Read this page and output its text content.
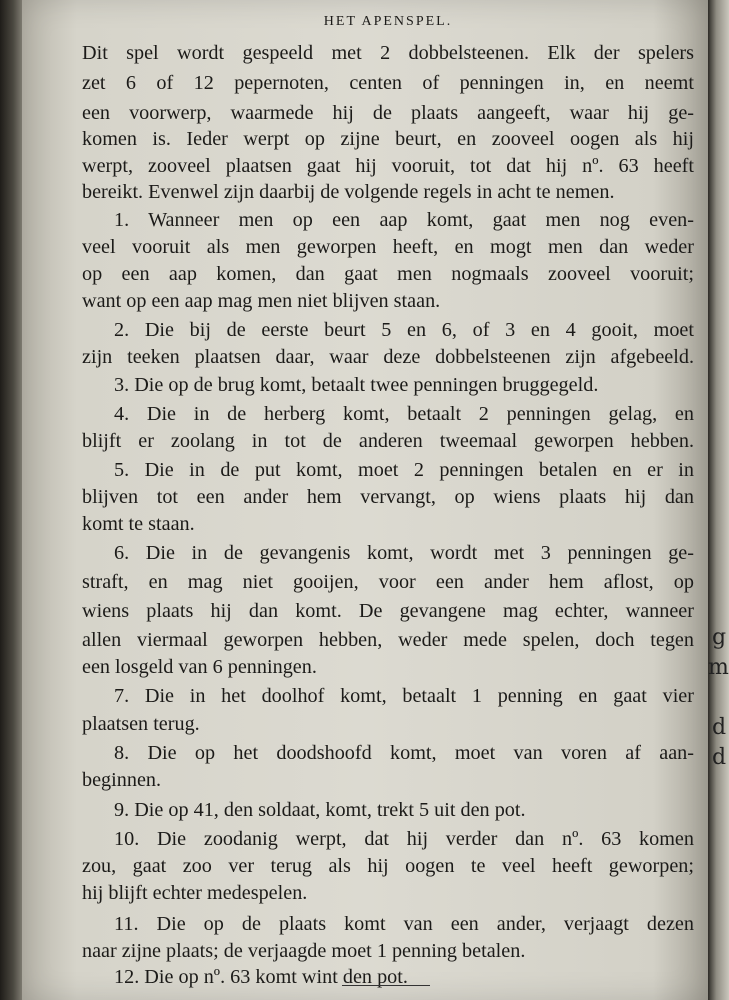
g
m
d
d
HET APENSPEL.
Dit spel wordt gespeeld met 2 dobbelsteenen. Elk der spelers
zet 6 of 12 pepernoten, centen of penningen in, en neemt
een voorwerp, waarmede hij de plaats aangeeft, waar hij ge-
komen is. Ieder werpt op zijne beurt, en zooveel oogen als hij
werpt, zooveel plaatsen gaat hij vooruit, tot dat hij nº. 63 heeft
bereikt. Evenwel zijn daarbij de volgende regels in acht te nemen.
1. Wanneer men op een aap komt, gaat men nog even-
veel vooruit als men geworpen heeft, en mogt men dan weder
op een aap komen, dan gaat men nogmaals zooveel vooruit;
want op een aap mag men niet blijven staan.
2. Die bij de eerste beurt 5 en 6, of 3 en 4 gooit, moet
zijn teeken plaatsen daar, waar deze dobbelsteenen zijn afgebeeld.
3. Die op de brug komt, betaalt twee penningen bruggegeld.
4. Die in de herberg komt, betaalt 2 penningen gelag, en
blijft er zoolang in tot de anderen tweemaal geworpen hebben.
5. Die in de put komt, moet 2 penningen betalen en er in
blijven tot een ander hem vervangt, op wiens plaats hij dan
komt te staan.
6. Die in de gevangenis komt, wordt met 3 penningen ge-
straft, en mag niet gooijen, voor een ander hem aflost, op
wiens plaats hij dan komt. De gevangene mag echter, wanneer
allen viermaal geworpen hebben, weder mede spelen, doch tegen
een losgeld van 6 penningen.
7. Die in het doolhof komt, betaalt 1 penning en gaat vier
plaatsen terug.
8. Die op het doodshoofd komt, moet van voren af aan-
beginnen.
9. Die op 41, den soldaat, komt, trekt 5 uit den pot.
10. Die zoodanig werpt, dat hij verder dan nº. 63 komen
zou, gaat zoo ver terug als hij oogen te veel heeft geworpen;
hij blijft echter medespelen.
11. Die op de plaats komt van een ander, verjaagt dezen
naar zijne plaats; de verjaagde moet 1 penning betalen.
12. Die op nº. 63 komt wint den pot.
